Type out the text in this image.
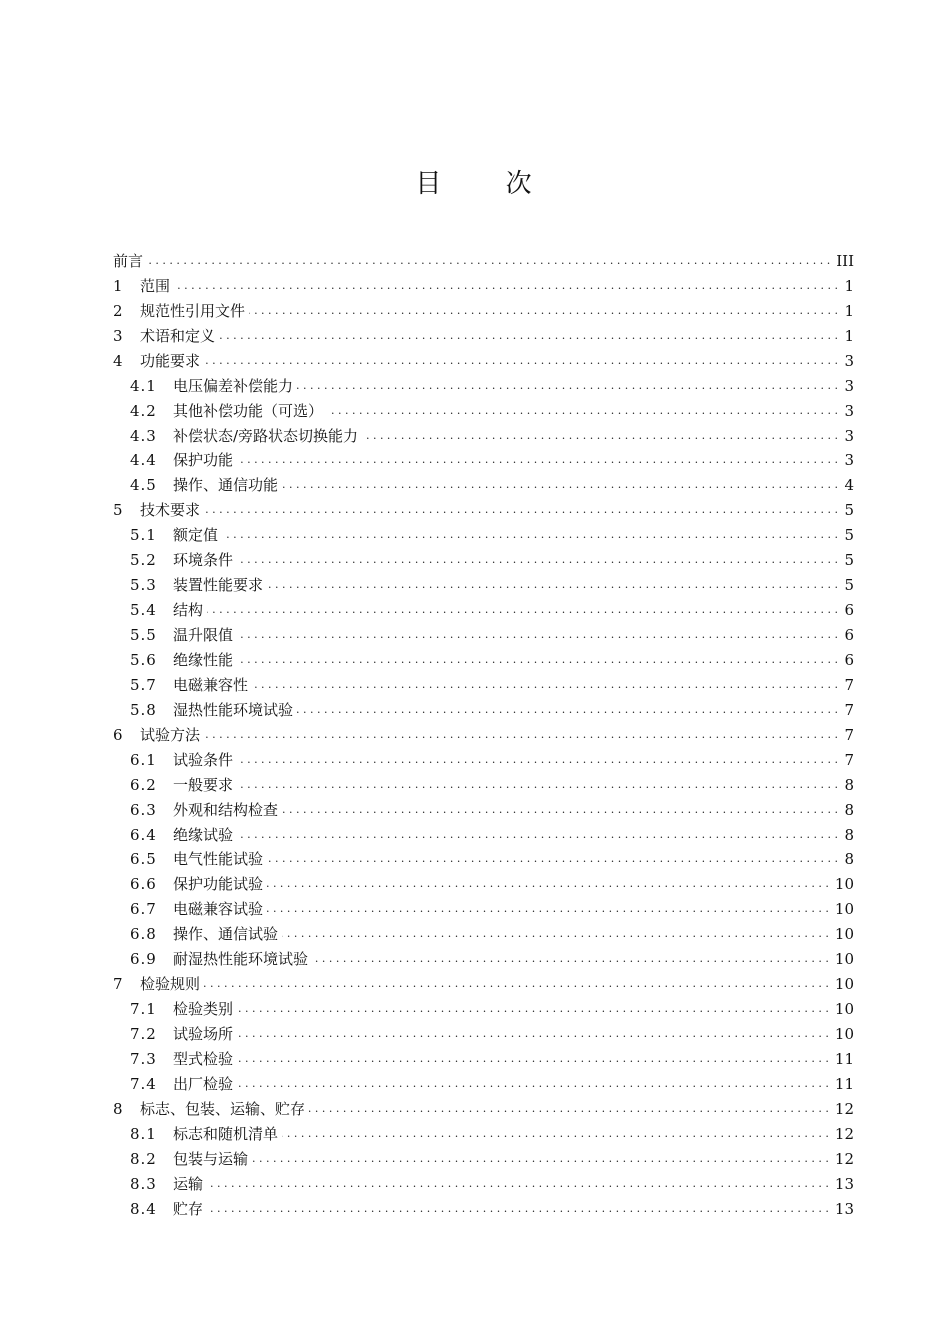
目 次
前言 . . .	III
1	范围 . . .	1
2	规范性引用文件 . . .	1
3	术语和定义 . . .	1
4	功能要求 . . .	3
4.1	电压偏差补偿能力 . . .	3
4.2	其他补偿功能（可选） . . .	3
4.3	补偿状态/旁路状态切换能力 . . .	3
4.4	保护功能 . . .	3
4.5	操作、通信功能 . . .	4
5	技术要求 . . .	5
5.1	额定值 . . .	5
5.2	环境条件 . . .	5
5.3	装置性能要求 . . .	5
5.4	结构 . . .	6
5.5	温升限值 . . .	6
5.6	绝缘性能 . . .	6
5.7	电磁兼容性 . . .	7
5.8	湿热性能环境试验 . . .	7
6	试验方法 . . .	7
6.1	试验条件 . . .	7
6.2	一般要求 . . .	8
6.3	外观和结构检查 . . .	8
6.4	绝缘试验 . . .	8
6.5	电气性能试验 . . .	8
6.6	保护功能试验 . . .	10
6.7	电磁兼容试验 . . .	10
6.8	操作、通信试验 . . .	10
6.9	耐湿热性能环境试验 . . .	10
7	检验规则 . . .	10
7.1	检验类别 . . .	10
7.2	试验场所 . . .	10
7.3	型式检验 . . .	11
7.4	出厂检验 . . .	11
8	标志、包装、运输、贮存 . . .	12
8.1	标志和随机清单 . . .	12
8.2	包装与运输 . . .	12
8.3	运输 . . .	13
8.4	贮存 . . .	13
